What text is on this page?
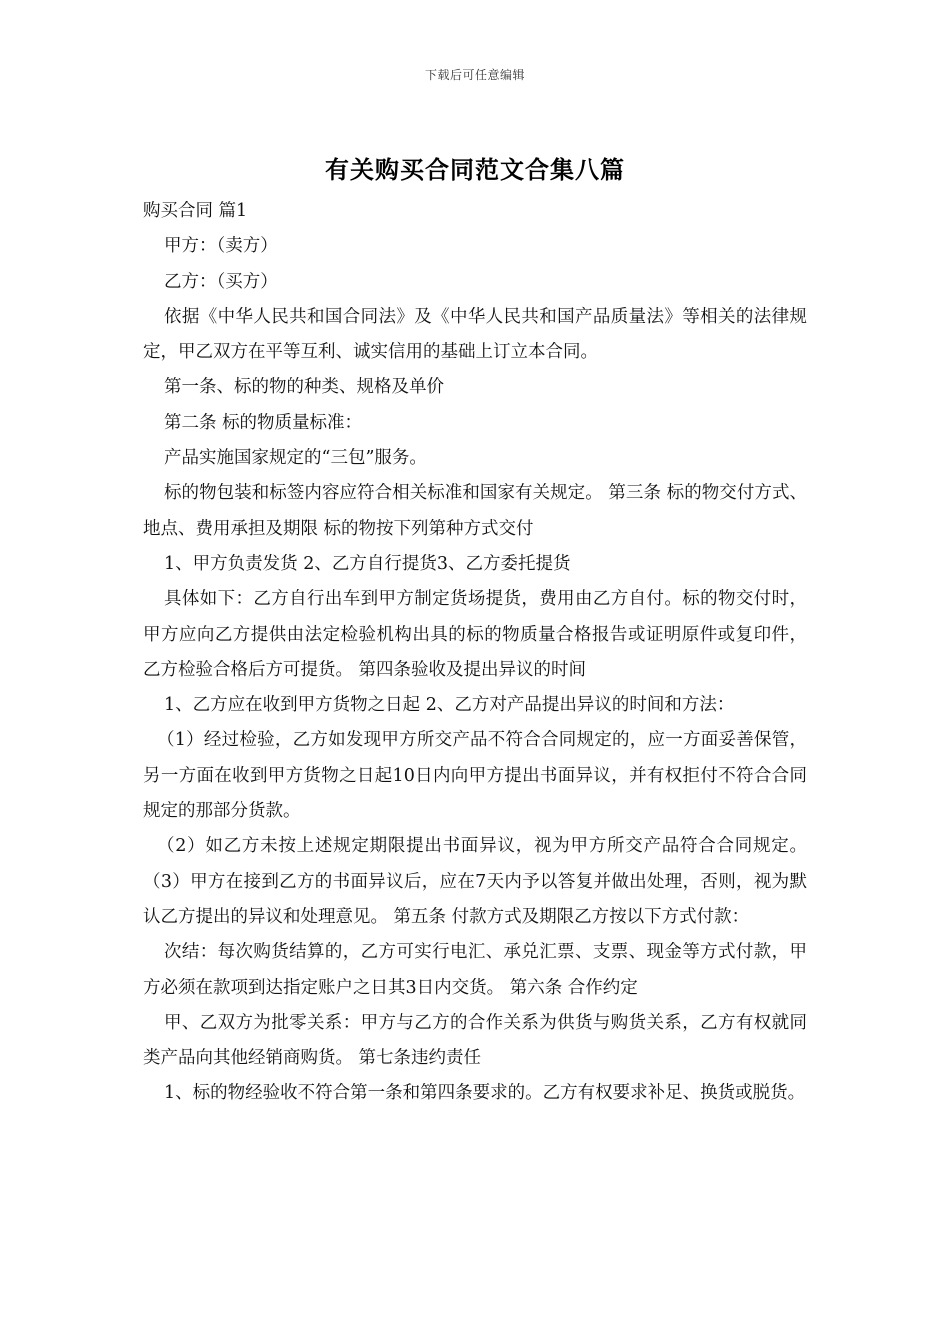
下载后可任意编辑
有关购买合同范文合集八篇

购买合同 篇1

甲方：（卖方）

乙方：（买方）

依据《中华人民共和国合同法》及《中华人民共和国产品质量法》等相关的法律规定，甲乙双方在平等互利、诚实信用的基础上订立本合同。

第一条、标的物的种类、规格及单价

第二条 标的物质量标准：

产品实施国家规定的“三包”服务。

标的物包装和标签内容应符合相关标准和国家有关规定。 第三条 标的物交付方式、地点、费用承担及期限 标的物按下列第种方式交付

1、甲方负责发货 2、乙方自行提货3、乙方委托提货

具体如下：乙方自行出车到甲方制定货场提货，费用由乙方自付。标的物交付时，甲方应向乙方提供由法定检验机构出具的标的物质量合格报告或证明原件或复印件，乙方检验合格后方可提货。 第四条验收及提出异议的时间

1、乙方应在收到甲方货物之日起 2、乙方对产品提出异议的时间和方法：

（1）经过检验，乙方如发现甲方所交产品不符合合同规定的，应一方面妥善保管，另一方面在收到甲方货物之日起10日内向甲方提出书面异议，并有权拒付不符合合同规定的那部分货款。

（2）如乙方未按上述规定期限提出书面异议，视为甲方所交产品符合合同规定。 （3）甲方在接到乙方的书面异议后，应在7天内予以答复并做出处理，否则，视为默认乙方提出的异议和处理意见。 第五条 付款方式及期限乙方按以下方式付款：

次结：每次购货结算的，乙方可实行电汇、承兑汇票、支票、现金等方式付款，甲方必须在款项到达指定账户之日其3日内交货。 第六条 合作约定

甲、乙双方为批零关系：甲方与乙方的合作关系为供货与购货关系，乙方有权就同类产品向其他经销商购货。 第七条违约责任

1、标的物经验收不符合第一条和第四条要求的。乙方有权要求补足、换货或脱货。
